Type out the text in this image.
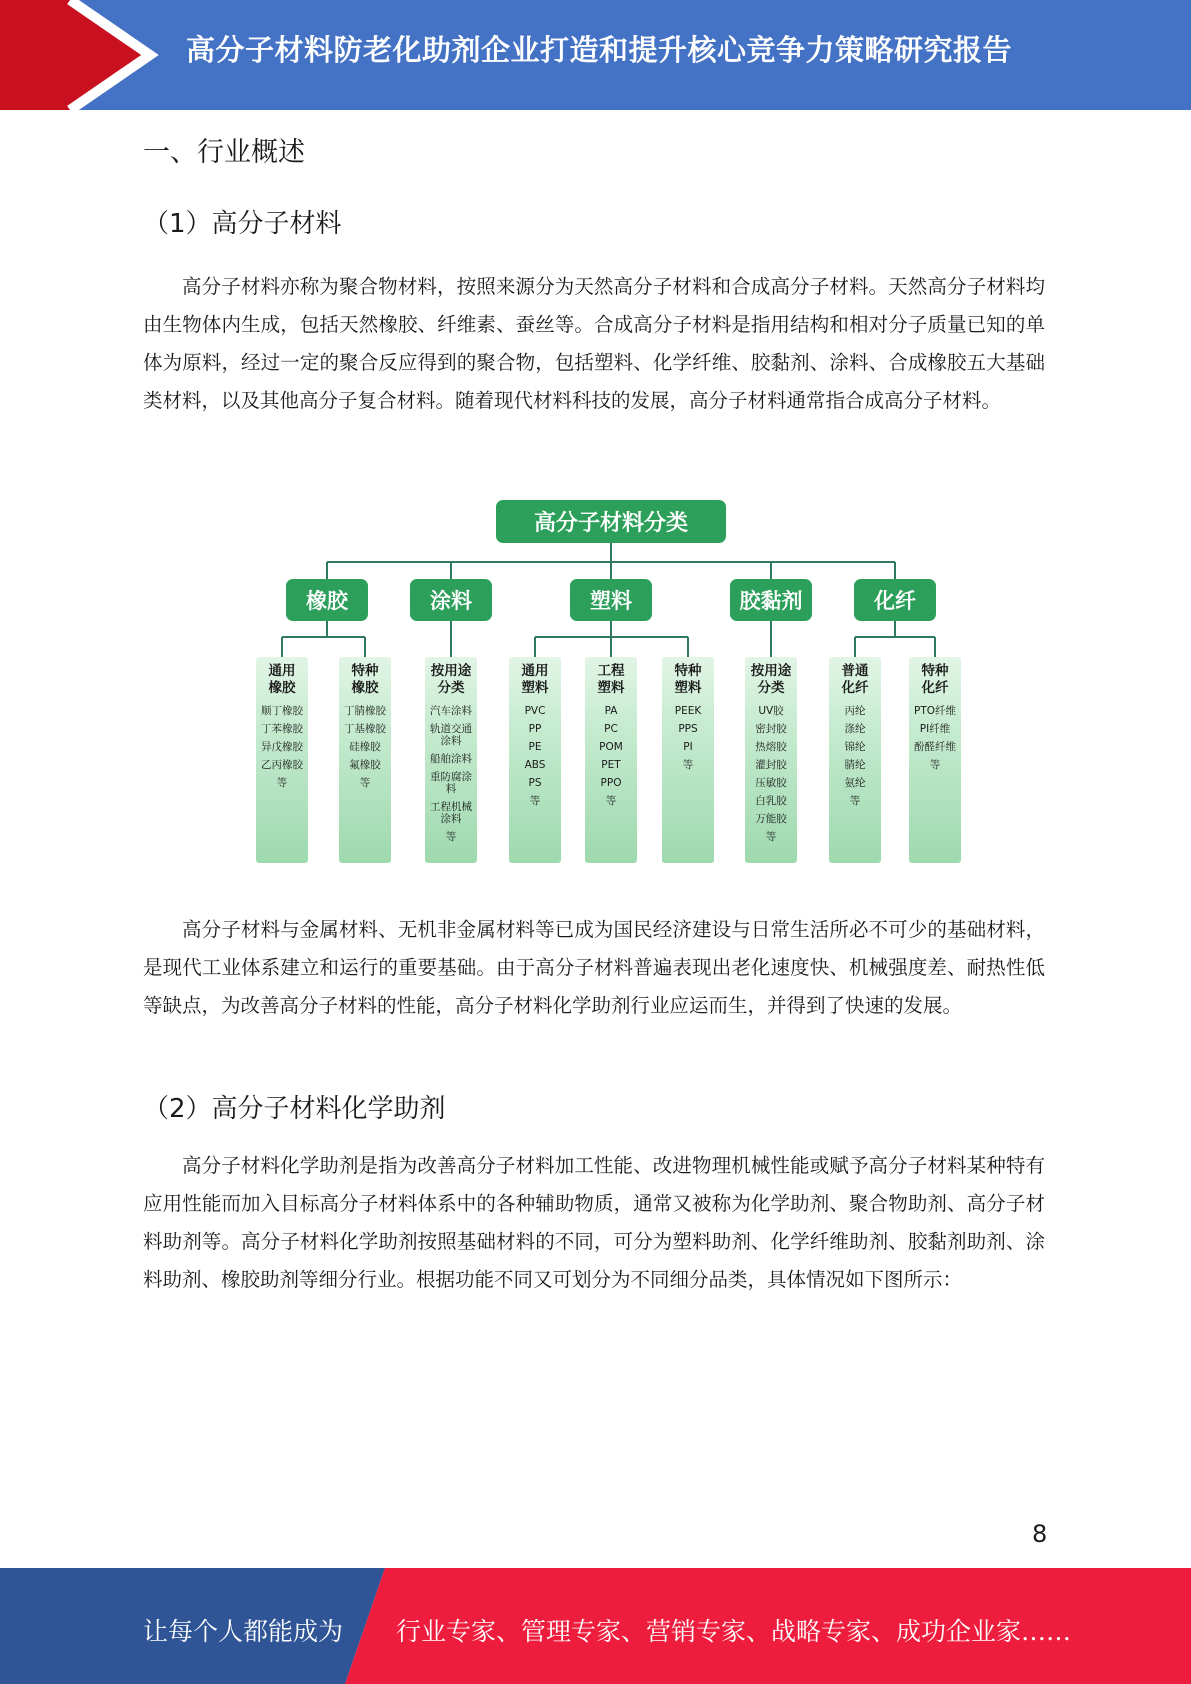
高分子材料防老化助剂企业打造和提升核心竞争力策略研究报告
一、行业概述
（1）高分子材料
高分子材料亦称为聚合物材料，按照来源分为天然高分子材料和合成高分子材料。天然高分子材料均由生物体内生成，包括天然橡胶、纤维素、蚕丝等。合成高分子材料是指用结构和相对分子质量已知的单体为原料，经过一定的聚合反应得到的聚合物，包括塑料、化学纤维、胶黏剂、涂料、合成橡胶五大基础类材料，以及其他高分子复合材料。随着现代材料科技的发展，高分子材料通常指合成高分子材料。
高分子材料分类
橡胶	涂料	塑料	胶黏剂	化纤
通用
橡胶
顺丁橡胶
丁苯橡胶
异戊橡胶
乙丙橡胶
等
特种
橡胶
丁腈橡胶
丁基橡胶
硅橡胶
氟橡胶
等
按用途
分类
汽车涂料
轨道交通涂料
船舶涂料
重防腐涂料
工程机械涂料
等
通用
塑料
PVC
PP
PE
ABS
PS
等
工程
塑料
PA
PC
POM
PET
PPO
等
特种
塑料
PEEK
PPS
PI
等
按用途
分类
UV胶
密封胶
热熔胶
灌封胶
压敏胶
白乳胶
万能胶
等
普通
化纤
丙纶
涤纶
锦纶
腈纶
氨纶
等
特种
化纤
PTO纤维
PI纤维
酚醛纤维
等
高分子材料与金属材料、无机非金属材料等已成为国民经济建设与日常生活所必不可少的基础材料，是现代工业体系建立和运行的重要基础。由于高分子材料普遍表现出老化速度快、机械强度差、耐热性低等缺点，为改善高分子材料的性能，高分子材料化学助剂行业应运而生，并得到了快速的发展。
（2）高分子材料化学助剂
高分子材料化学助剂是指为改善高分子材料加工性能、改进物理机械性能或赋予高分子材料某种特有应用性能而加入目标高分子材料体系中的各种辅助物质，通常又被称为化学助剂、聚合物助剂、高分子材料助剂等。高分子材料化学助剂按照基础材料的不同，可分为塑料助剂、化学纤维助剂、胶黏剂助剂、涂料助剂、橡胶助剂等细分行业。根据功能不同又可划分为不同细分品类，具体情况如下图所示：
8
让每个人都能成为 行业专家、管理专家、营销专家、战略专家、成功企业家……
